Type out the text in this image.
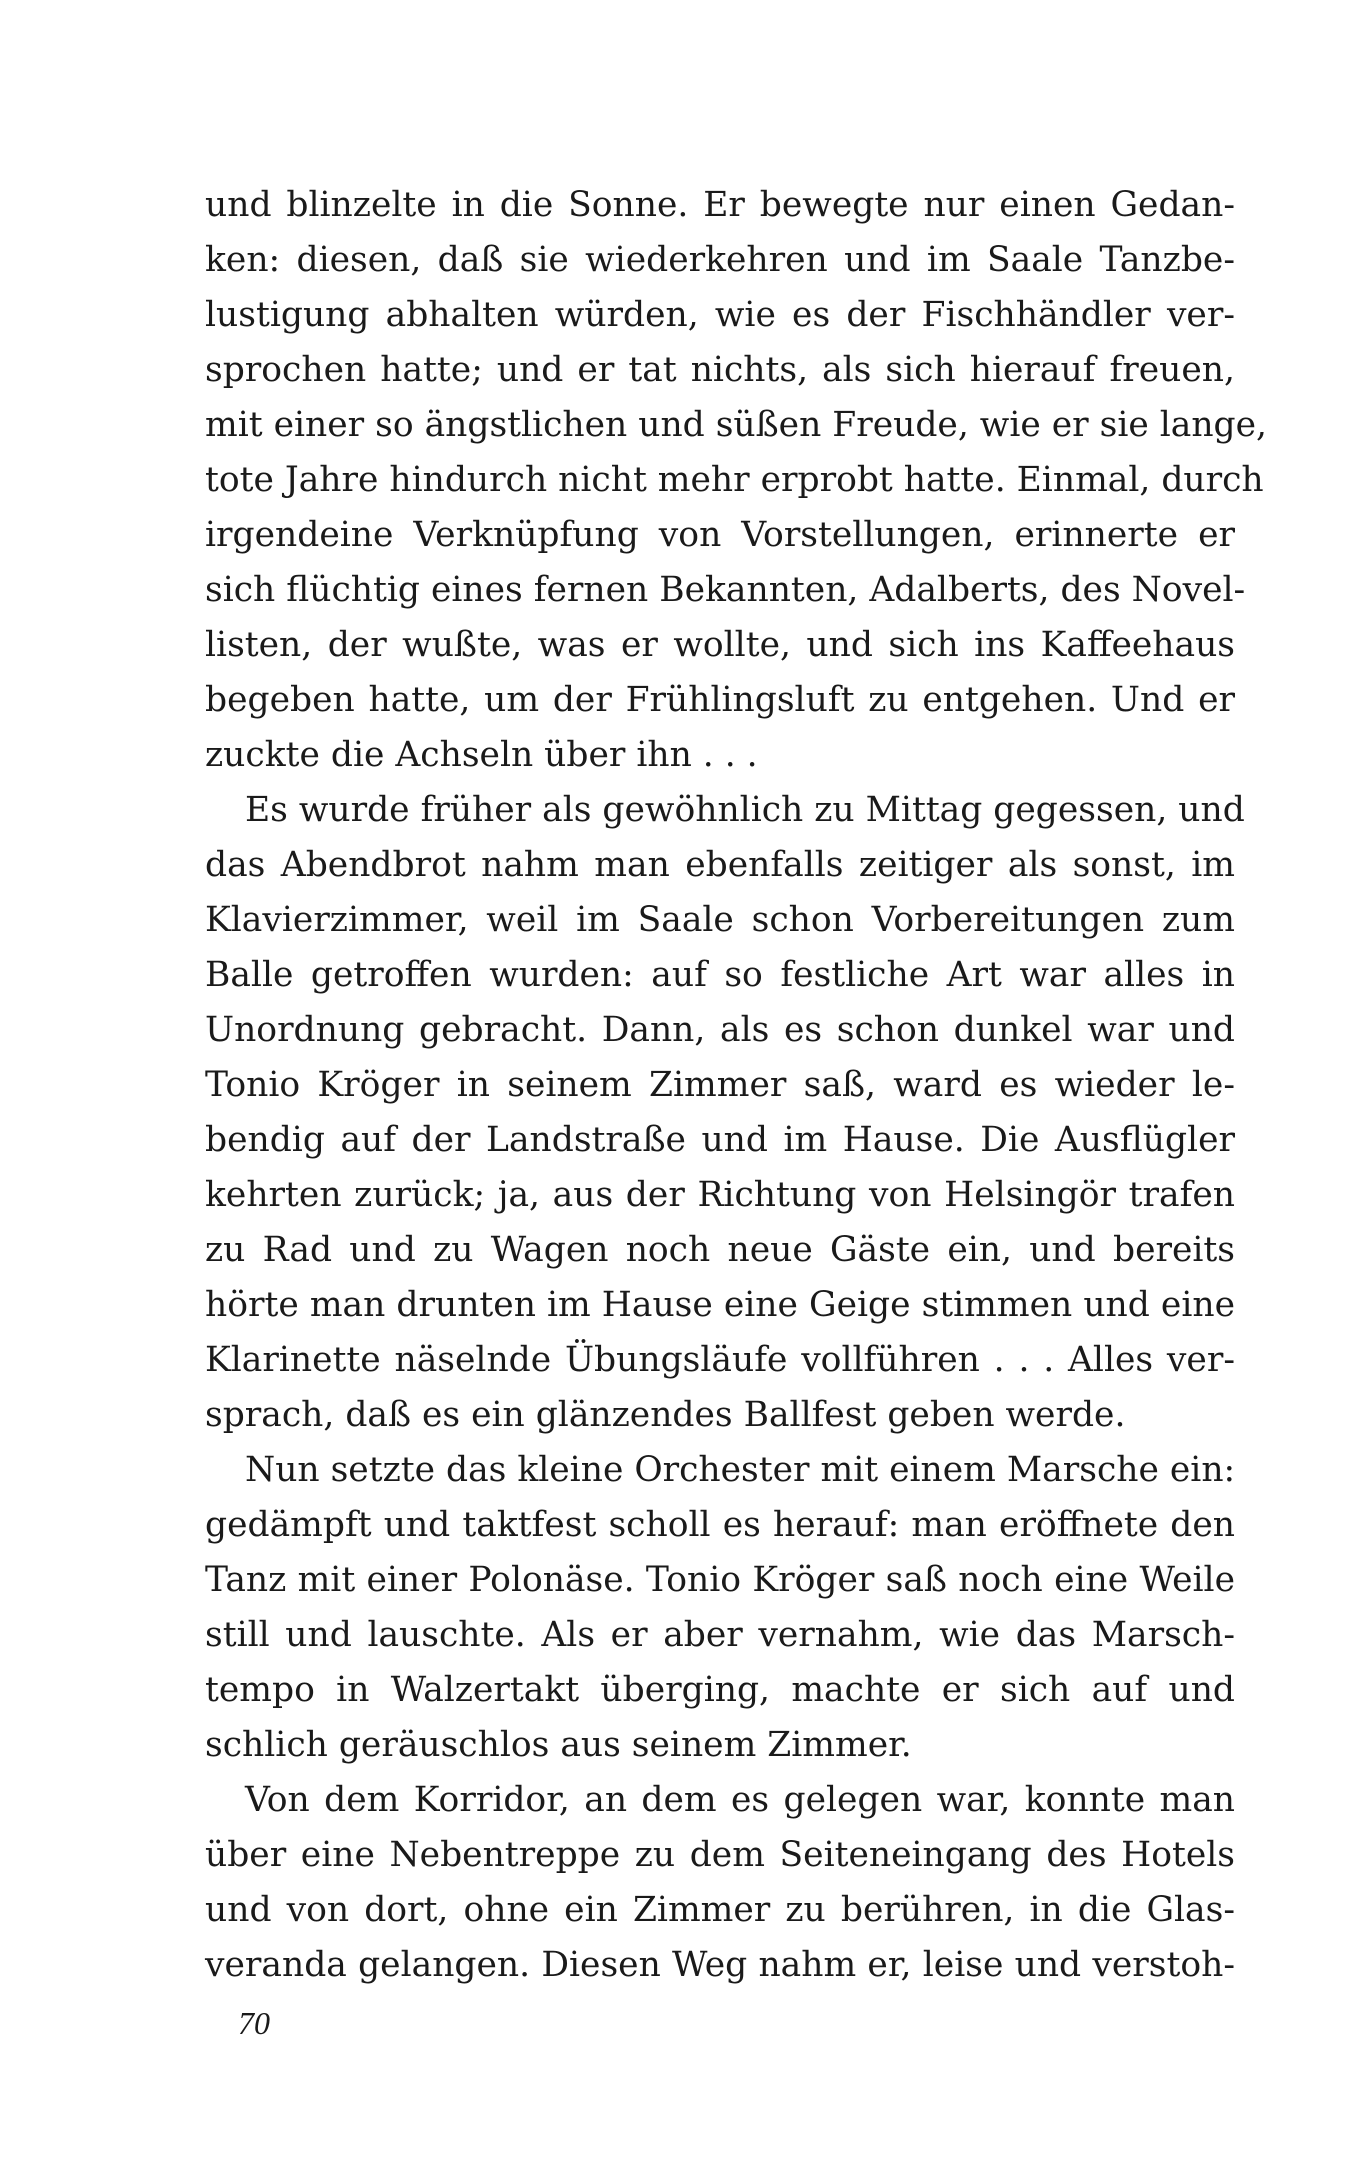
und blinzelte in die Sonne. Er bewegte nur einen Gedan-
ken: diesen, daß sie wiederkehren und im Saale Tanzbe-
lustigung abhalten würden, wie es der Fischhändler ver-
sprochen hatte; und er tat nichts, als sich hierauf freuen,
mit einer so ängstlichen und süßen Freude, wie er sie lange,
tote Jahre hindurch nicht mehr erprobt hatte. Einmal, durch
irgendeine Verknüpfung von Vorstellungen, erinnerte er
sich flüchtig eines fernen Bekannten, Adalberts, des Novel-
listen, der wußte, was er wollte, und sich ins Kaffeehaus
begeben hatte, um der Frühlingsluft zu entgehen. Und er
zuckte die Achseln über ihn . . .
Es wurde früher als gewöhnlich zu Mittag gegessen, und
das Abendbrot nahm man ebenfalls zeitiger als sonst, im
Klavierzimmer, weil im Saale schon Vorbereitungen zum
Balle getroffen wurden: auf so festliche Art war alles in
Unordnung gebracht. Dann, als es schon dunkel war und
Tonio Kröger in seinem Zimmer saß, ward es wieder le-
bendig auf der Landstraße und im Hause. Die Ausflügler
kehrten zurück; ja, aus der Richtung von Helsingör trafen
zu Rad und zu Wagen noch neue Gäste ein, und bereits
hörte man drunten im Hause eine Geige stimmen und eine
Klarinette näselnde Übungsläufe vollführen . . . Alles ver-
sprach, daß es ein glänzendes Ballfest geben werde.
Nun setzte das kleine Orchester mit einem Marsche ein:
gedämpft und taktfest scholl es herauf: man eröffnete den
Tanz mit einer Polonäse. Tonio Kröger saß noch eine Weile
still und lauschte. Als er aber vernahm, wie das Marsch-
tempo in Walzertakt überging, machte er sich auf und
schlich geräuschlos aus seinem Zimmer.
Von dem Korridor, an dem es gelegen war, konnte man
über eine Nebentreppe zu dem Seiteneingang des Hotels
und von dort, ohne ein Zimmer zu berühren, in die Glas-
veranda gelangen. Diesen Weg nahm er, leise und verstoh-
70
